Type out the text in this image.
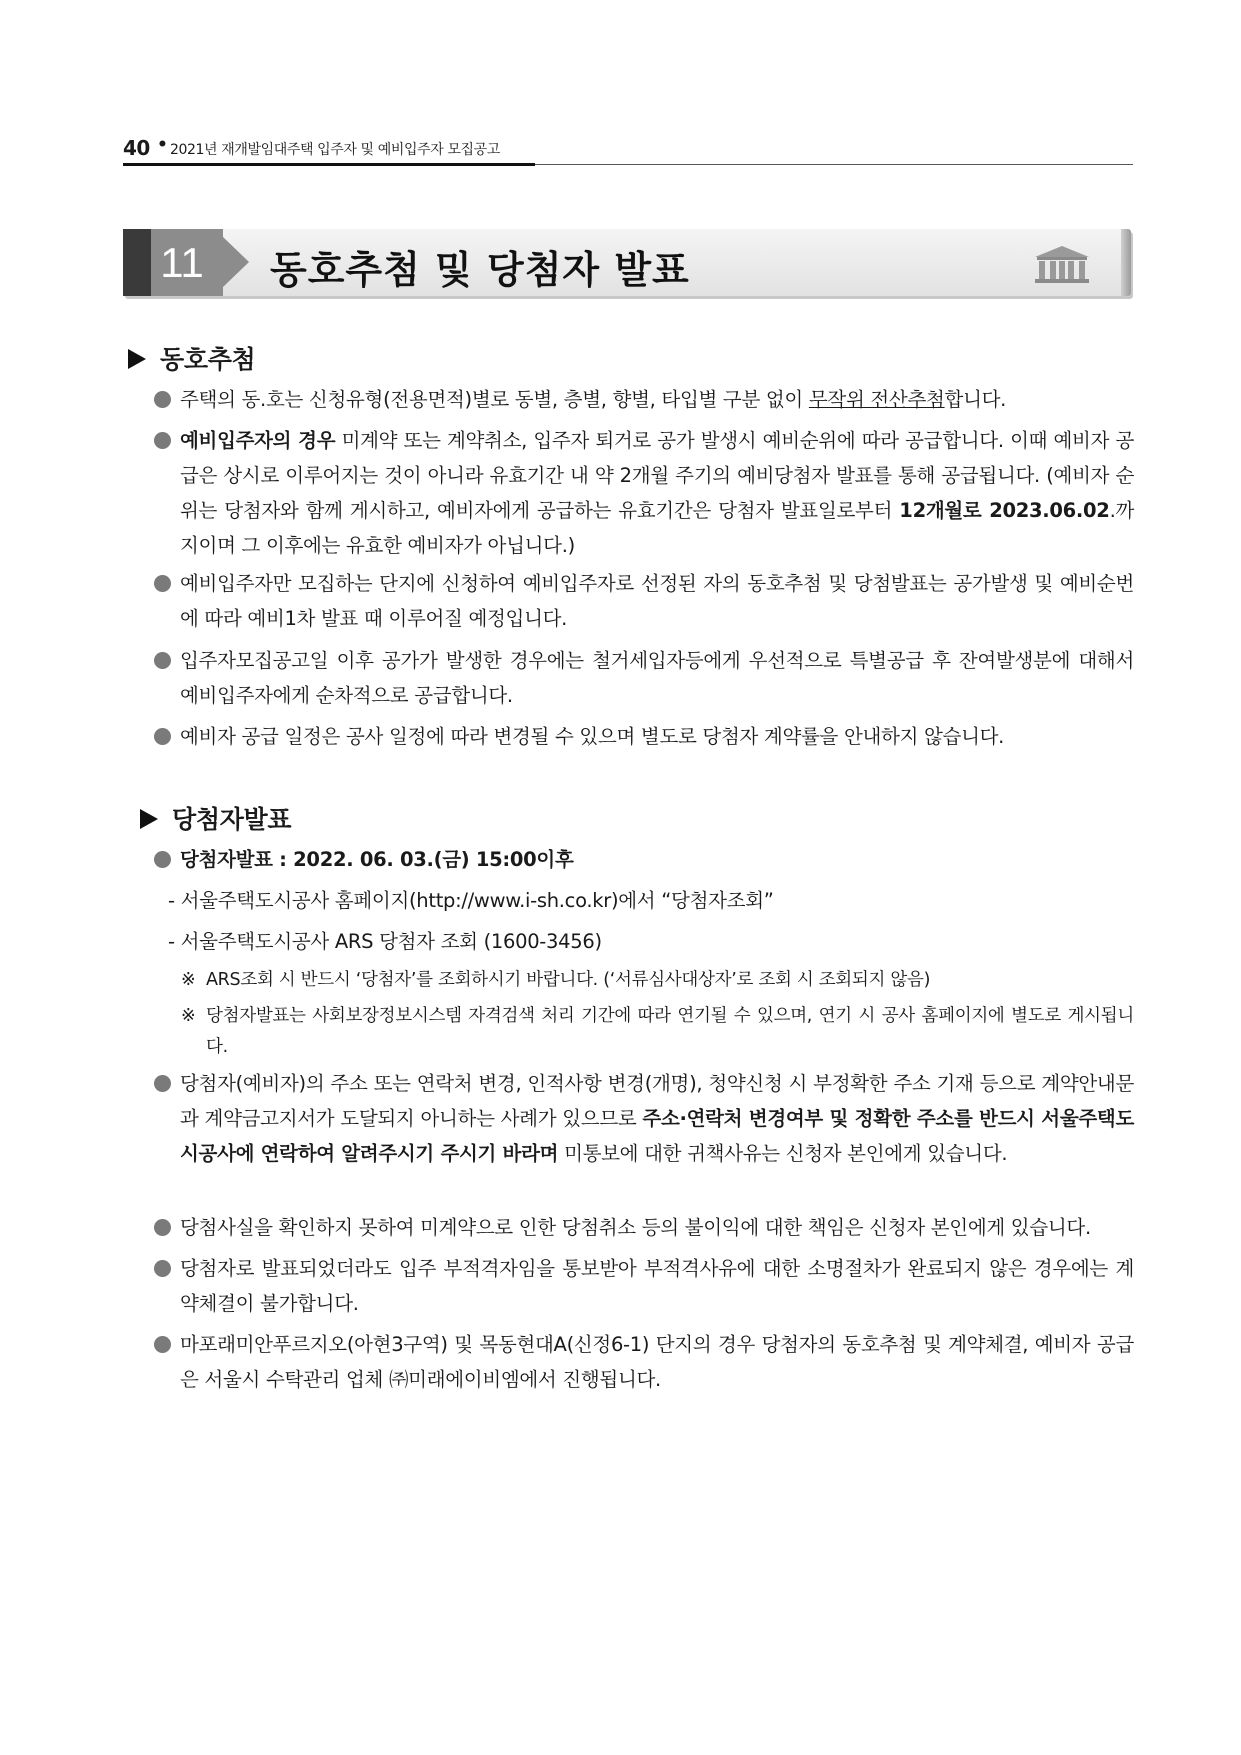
40 • 2021년 재개발임대주택 입주자 및 예비입주자 모집공고
11	동호추첨 및 당첨자 발표
동호추첨
주택의 동.호는 신청유형(전용면적)별로 동별, 층별, 향별, 타입별 구분 없이 무작위 전산추첨합니다.
예비입주자의 경우 미계약 또는 계약취소, 입주자 퇴거로 공가 발생시 예비순위에 따라 공급합니다. 이때 예비자 공급은 상시로 이루어지는 것이 아니라 유효기간 내 약 2개월 주기의 예비당첨자 발표를 통해 공급됩니다. (예비자 순위는 당첨자와 함께 게시하고, 예비자에게 공급하는 유효기간은 당첨자 발표일로부터 12개월로 2023.06.02.까지이며 그 이후에는 유효한 예비자가 아닙니다.)
예비입주자만 모집하는 단지에 신청하여 예비입주자로 선정된 자의 동호추첨 및 당첨발표는 공가발생 및 예비순번에 따라 예비1차 발표 때 이루어질 예정입니다.
입주자모집공고일 이후 공가가 발생한 경우에는 철거세입자등에게 우선적으로 특별공급 후 잔여발생분에 대해서 예비입주자에게 순차적으로 공급합니다.
예비자 공급 일정은 공사 일정에 따라 변경될 수 있으며 별도로 당첨자 계약률을 안내하지 않습니다.
당첨자발표
당첨자발표 : 2022. 06. 03.(금) 15:00이후
- 서울주택도시공사 홈페이지(http://www.i-sh.co.kr)에서 “당첨자조회”
- 서울주택도시공사 ARS 당첨자 조회 (1600-3456)
※ ARS조회 시 반드시 ‘당첨자’를 조회하시기 바랍니다. (‘서류심사대상자’로 조회 시 조회되지 않음)
※ 당첨자발표는 사회보장정보시스템 자격검색 처리 기간에 따라 연기될 수 있으며, 연기 시 공사 홈페이지에 별도로 게시됩니다.
당첨자(예비자)의 주소 또는 연락처 변경, 인적사항 변경(개명), 청약신청 시 부정확한 주소 기재 등으로 계약안내문과 계약금고지서가 도달되지 아니하는 사례가 있으므로 주소·연락처 변경여부 및 정확한 주소를 반드시 서울주택도시공사에 연락하여 알려주시기 주시기 바라며 미통보에 대한 귀책사유는 신청자 본인에게 있습니다.
당첨사실을 확인하지 못하여 미계약으로 인한 당첨취소 등의 불이익에 대한 책임은 신청자 본인에게 있습니다.
당첨자로 발표되었더라도 입주 부적격자임을 통보받아 부적격사유에 대한 소명절차가 완료되지 않은 경우에는 계약체결이 불가합니다.
마포래미안푸르지오(아현3구역) 및 목동현대A(신정6-1) 단지의 경우 당첨자의 동호추첨 및 계약체결, 예비자 공급은 서울시 수탁관리 업체 ㈜미래에이비엠에서 진행됩니다.
